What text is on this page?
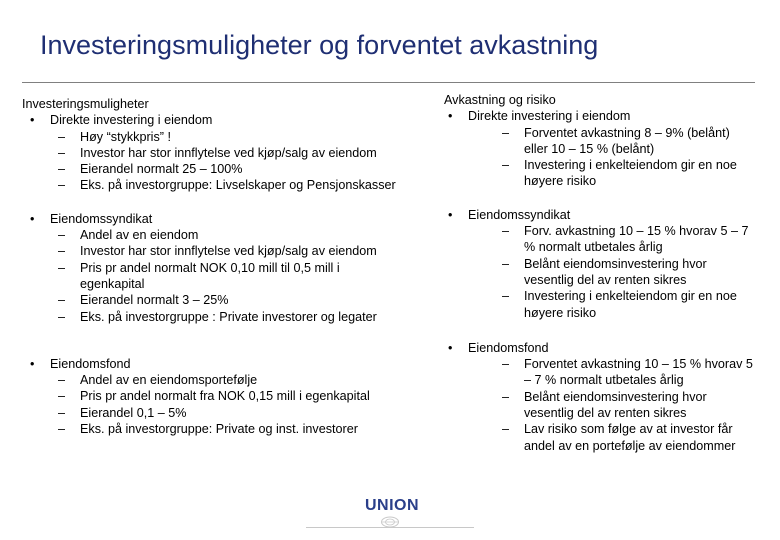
Investeringsmuligheter og forventet avkastning
Investeringsmuligheter
• Direkte investering i eiendom
– Høy “stykkpris” !
– Investor har stor innflytelse ved kjøp/salg av eiendom
– Eierandel normalt 25 – 100%
– Eks. på investorgruppe: Livselskaper og Pensjonskasser
• Eiendomssyndikat
– Andel av en eiendom
– Investor har stor innflytelse ved kjøp/salg av eiendom
– Pris pr andel normalt NOK 0,10 mill til 0,5 mill i egenkapital
– Eierandel normalt 3 – 25%
– Eks. på investorgruppe : Private investorer og legater
• Eiendomsfond
– Andel av en eiendomsportefølje
– Pris pr andel normalt fra NOK 0,15 mill i egenkapital
– Eierandel 0,1 – 5%
– Eks. på investorgruppe: Private og inst. investorer
Avkastning og risiko
• Direkte investering i eiendom
– Forventet avkastning 8 – 9% (belånt) eller 10 – 15 % (belånt)
– Investering i enkelteiendom gir en noe høyere risiko
• Eiendomssyndikat
– Forv. avkastning 10 – 15 % hvorav 5 – 7 % normalt utbetales årlig
– Belånt eiendomsinvestering hvor vesentlig del av renten sikres
– Investering i enkelteiendom gir en noe høyere risiko
• Eiendomsfond
– Forventet avkastning 10 – 15 % hvorav 5 – 7 % normalt utbetales årlig
– Belånt eiendomsinvestering hvor vesentlig del av renten sikres
– Lav risiko som følge av at investor får andel av en portefølje av eiendommer
UNION
